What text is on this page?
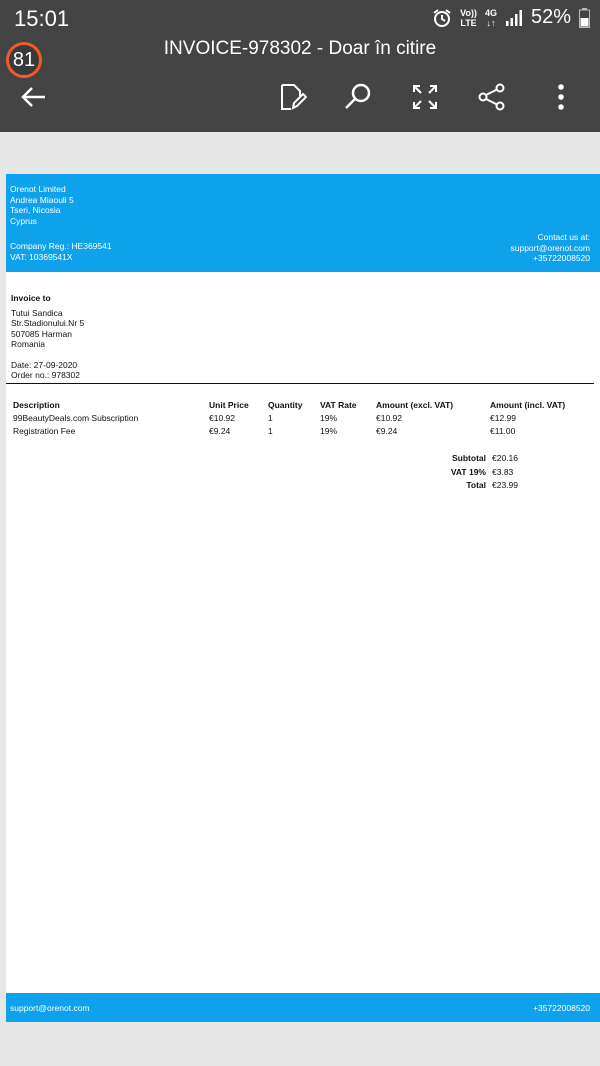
15:01	Vo))
LTE
4G
↓↑ 52%
81
INVOICE-978302 - Doar în citire
Orenot Limited
Andrea Miaouli 5
Tseri, Nicosia
Cyprus
Company Reg.: HE369541
VAT: 10369541X
Contact us at:
support@orenot.com
+35722008520
Invoice to
Tutui Sandica
Str.Stadionului.Nr 5
507085 Harman
Romania
Date: 27-09-2020
Order no.: 978302
Description	Unit Price	Quantity	VAT Rate	Amount (excl. VAT)	Amount (incl. VAT)
99BeautyDeals.com Subscription	€10.92	1	19%	€10.92	€12.99
Registration Fee	€9.24	1	19%	€9.24	€11.00
Subtotal €20.16
VAT 19% €3.83
Total €23.99
support@orenot.com	+35722008520
